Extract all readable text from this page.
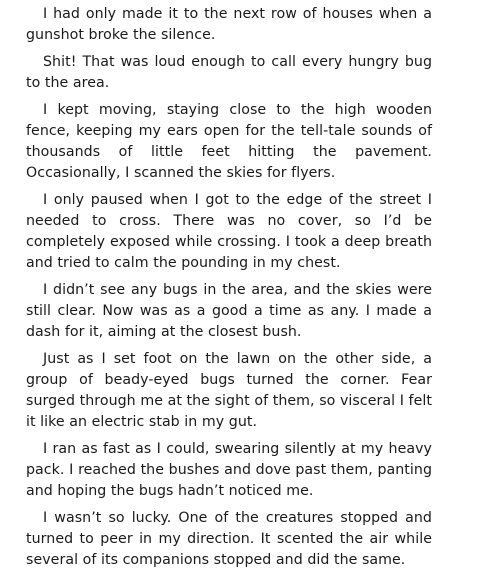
I had only made it to the next row of houses when a gunshot broke the silence.

Shit! That was loud enough to call every hungry bug to the area.

I kept moving, staying close to the high wooden fence, keeping my ears open for the tell-tale sounds of thousands of little feet hitting the pavement. Occasionally, I scanned the skies for flyers.

I only paused when I got to the edge of the street I needed to cross. There was no cover, so I’d be completely exposed while crossing. I took a deep breath and tried to calm the pounding in my chest.

I didn’t see any bugs in the area, and the skies were still clear. Now was as a good a time as any. I made a dash for it, aiming at the closest bush.

Just as I set foot on the lawn on the other side, a group of beady-eyed bugs turned the corner. Fear surged through me at the sight of them, so visceral I felt it like an electric stab in my gut.

I ran as fast as I could, swearing silently at my heavy pack. I reached the bushes and dove past them, panting and hoping the bugs hadn’t noticed me.

I wasn’t so lucky. One of the creatures stopped and turned to peer in my direction. It scented the air while several of its companions stopped and did the same.
